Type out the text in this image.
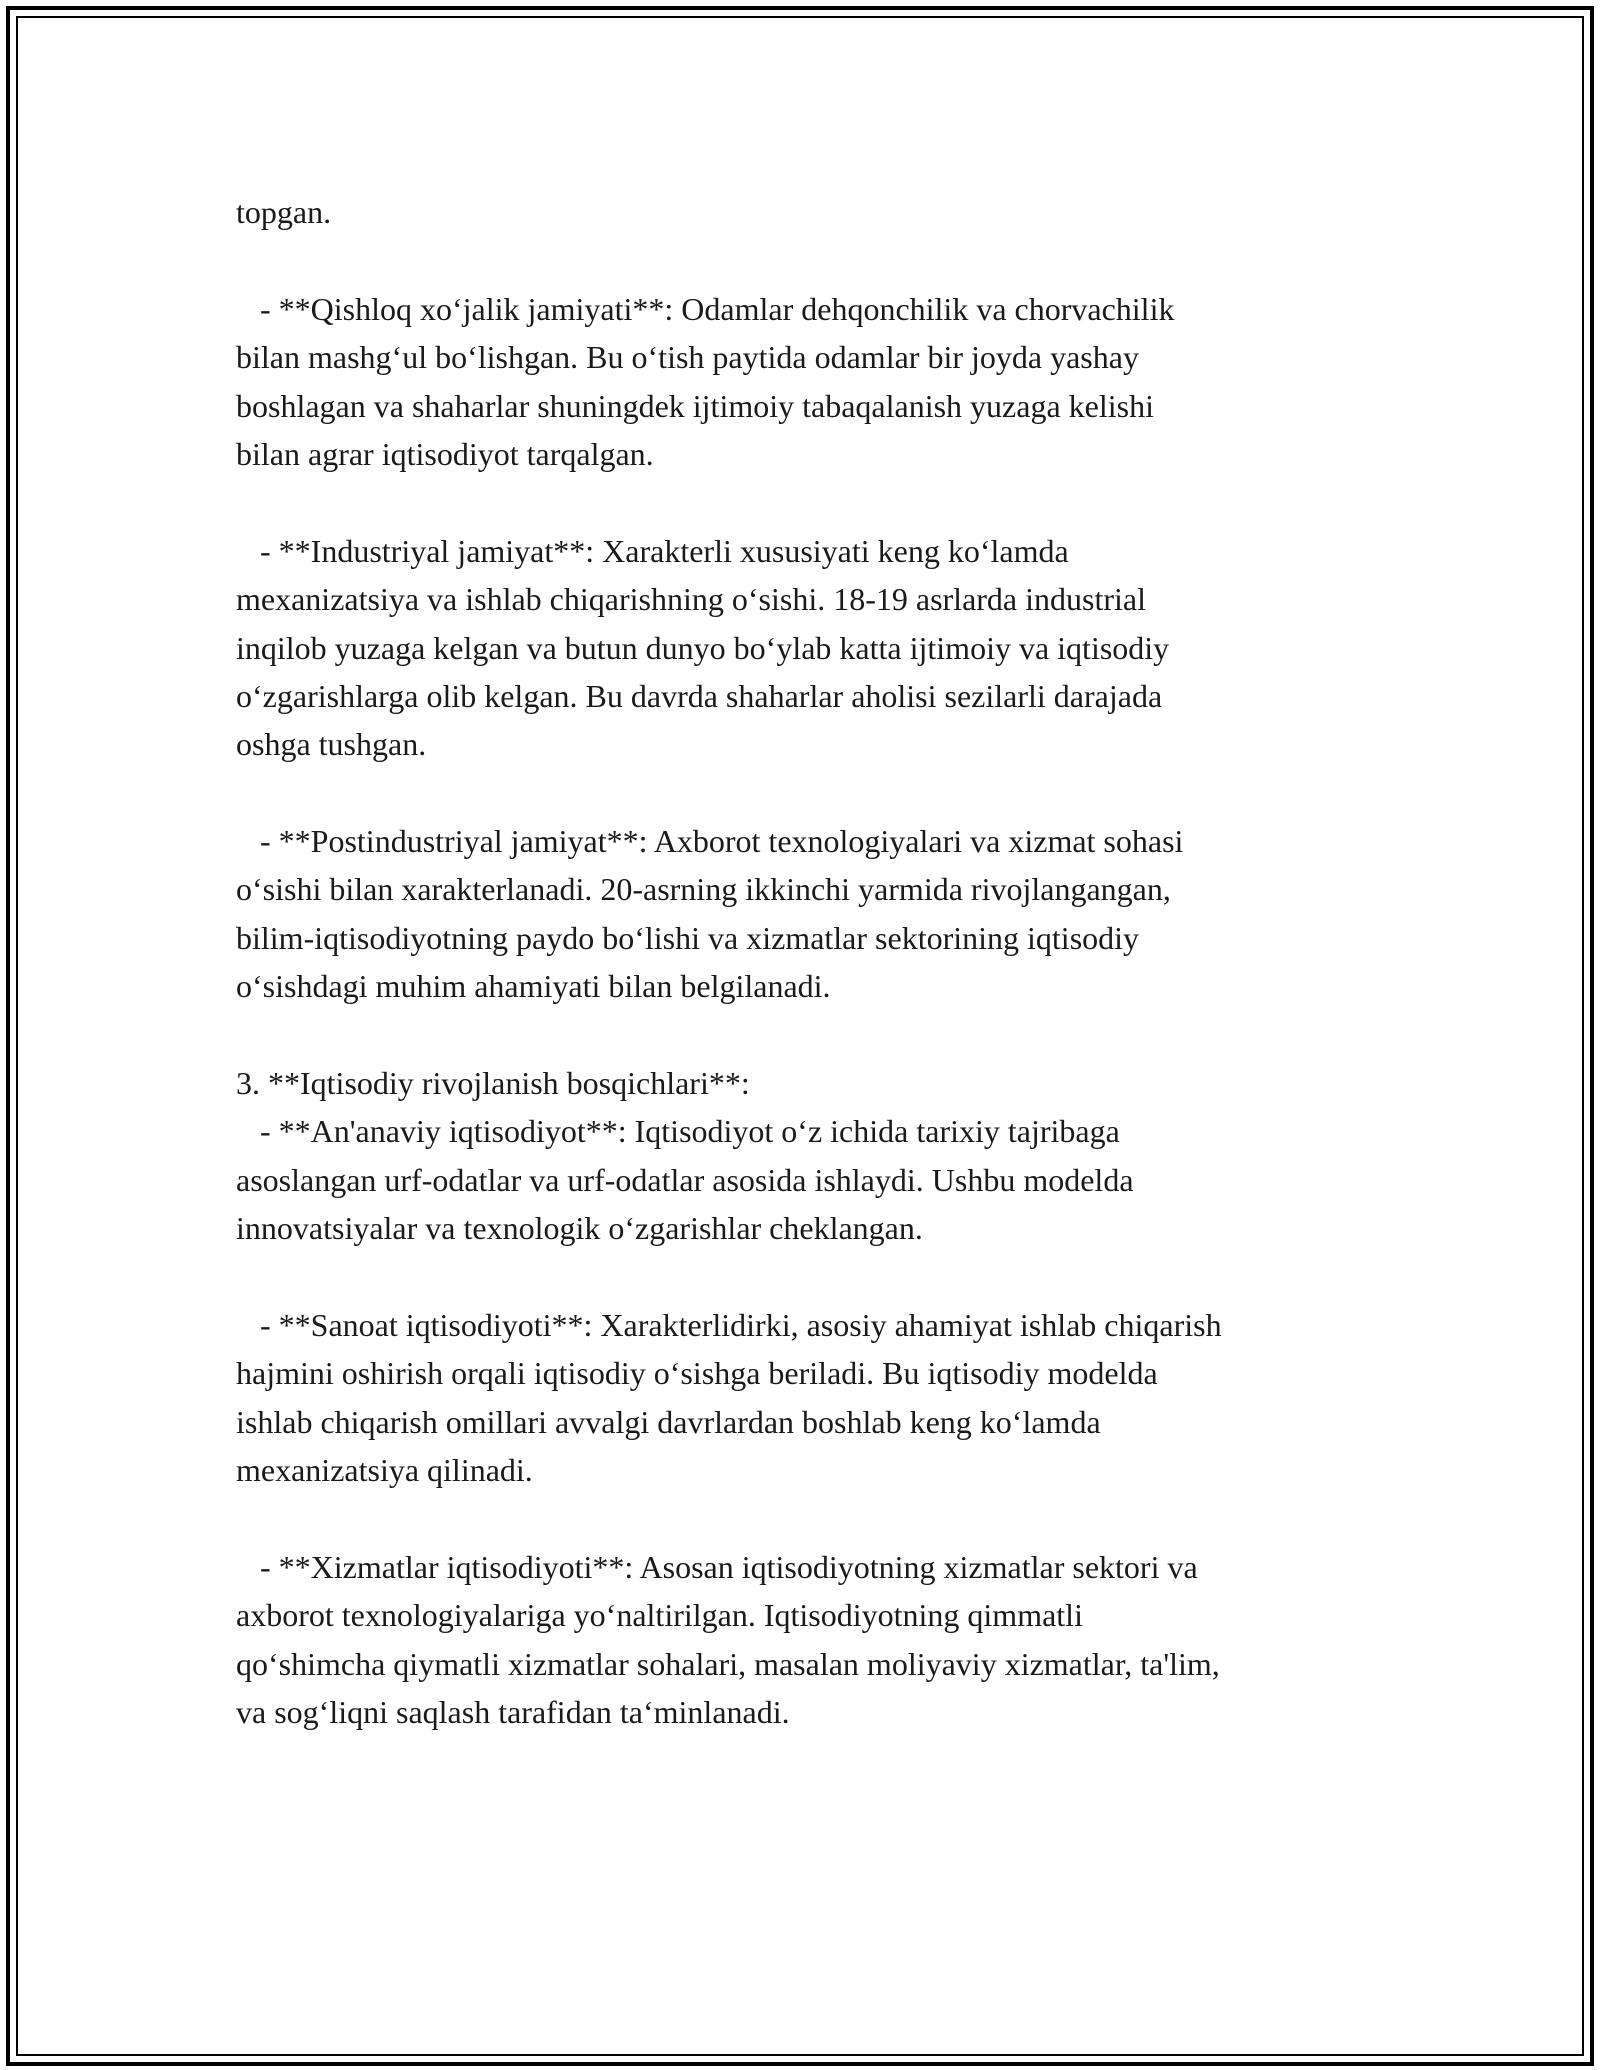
topgan.
- **Qishloq xo‘jalik jamiyati**: Odamlar dehqonchilik va chorvachilik
bilan mashg‘ul bo‘lishgan. Bu o‘tish paytida odamlar bir joyda yashay
boshlagan va shaharlar shuningdek ijtimoiy tabaqalanish yuzaga kelishi
bilan agrar iqtisodiyot tarqalgan.
- **Industriyal jamiyat**: Xarakterli xususiyati keng ko‘lamda
mexanizatsiya va ishlab chiqarishning o‘sishi. 18-19 asrlarda industrial
inqilob yuzaga kelgan va butun dunyo bo‘ylab katta ijtimoiy va iqtisodiy
o‘zgarishlarga olib kelgan. Bu davrda shaharlar aholisi sezilarli darajada
oshga tushgan.
- **Postindustriyal jamiyat**: Axborot texnologiyalari va xizmat sohasi
o‘sishi bilan xarakterlanadi. 20-asrning ikkinchi yarmida rivojlangangan,
bilim-iqtisodiyotning paydo bo‘lishi va xizmatlar sektorining iqtisodiy
o‘sishdagi muhim ahamiyati bilan belgilanadi.
3. **Iqtisodiy rivojlanish bosqichlari**:
- **An'anaviy iqtisodiyot**: Iqtisodiyot o‘z ichida tarixiy tajribaga
asoslangan urf-odatlar va urf-odatlar asosida ishlaydi. Ushbu modelda
innovatsiyalar va texnologik o‘zgarishlar cheklangan.
- **Sanoat iqtisodiyoti**: Xarakterlidirki, asosiy ahamiyat ishlab chiqarish
hajmini oshirish orqali iqtisodiy o‘sishga beriladi. Bu iqtisodiy modelda
ishlab chiqarish omillari avvalgi davrlardan boshlab keng ko‘lamda
mexanizatsiya qilinadi.
- **Xizmatlar iqtisodiyoti**: Asosan iqtisodiyotning xizmatlar sektori va
axborot texnologiyalariga yo‘naltirilgan. Iqtisodiyotning qimmatli
qo‘shimcha qiymatli xizmatlar sohalari, masalan moliyaviy xizmatlar, ta'lim,
va sog‘liqni saqlash tarafidan ta‘minlanadi.
